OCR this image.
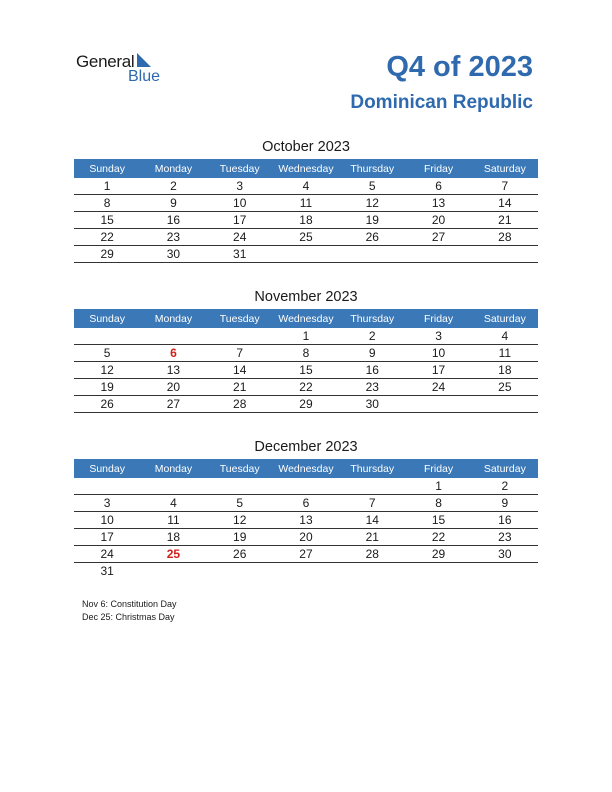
General
Blue	Q4 of 2023
Dominican Republic
October 2023
Sunday	Monday	Tuesday	Wednesday	Thursday	Friday	Saturday
1	2	3	4	5	6	7
8	9	10	11	12	13	14
15	16	17	18	19	20	21
22	23	24	25	26	27	28
29	30	31				
November 2023
Sunday	Monday	Tuesday	Wednesday	Thursday	Friday	Saturday
			1	2	3	4
5	6	7	8	9	10	11
12	13	14	15	16	17	18
19	20	21	22	23	24	25
26	27	28	29	30		
December 2023
Sunday	Monday	Tuesday	Wednesday	Thursday	Friday	Saturday
					1	2
3	4	5	6	7	8	9
10	11	12	13	14	15	16
17	18	19	20	21	22	23
24	25	26	27	28	29	30
31						
Nov 6: Constitution Day
Dec 25: Christmas Day
